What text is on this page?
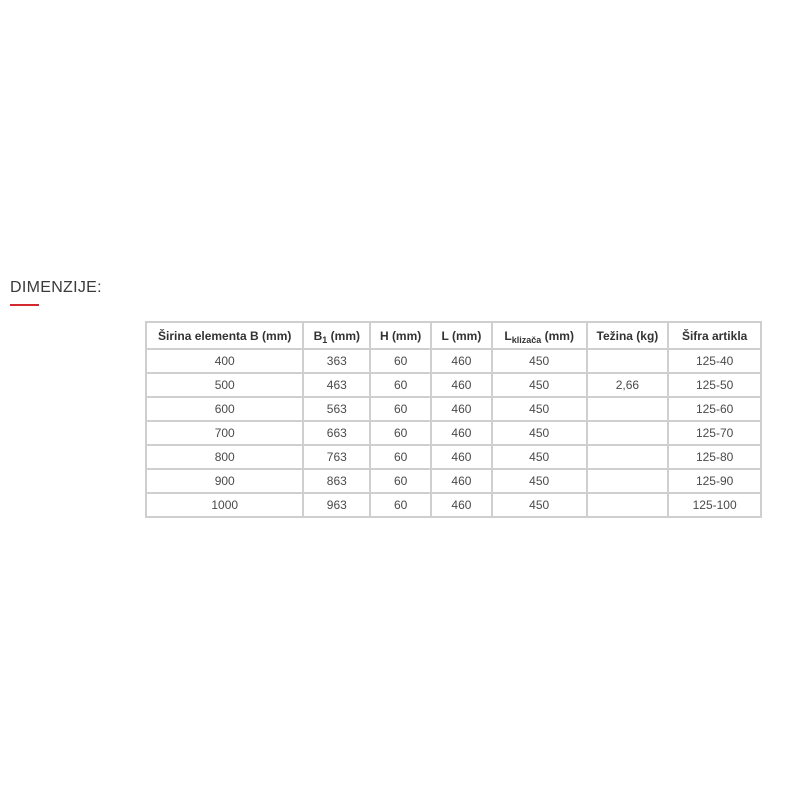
DIMENZIJE:
Širina elementa B (mm)	$B_1$ (mm)	H (mm)	L (mm)	$L_{klizača}$ (mm)	Težina (kg)	Šifra artikla
400	363	60	460	450		125-40
500	463	60	460	450	2,66	125-50
600	563	60	460	450		125-60
700	663	60	460	450		125-70
800	763	60	460	450		125-80
900	863	60	460	450		125-90
1000	963	60	460	450		125-100
